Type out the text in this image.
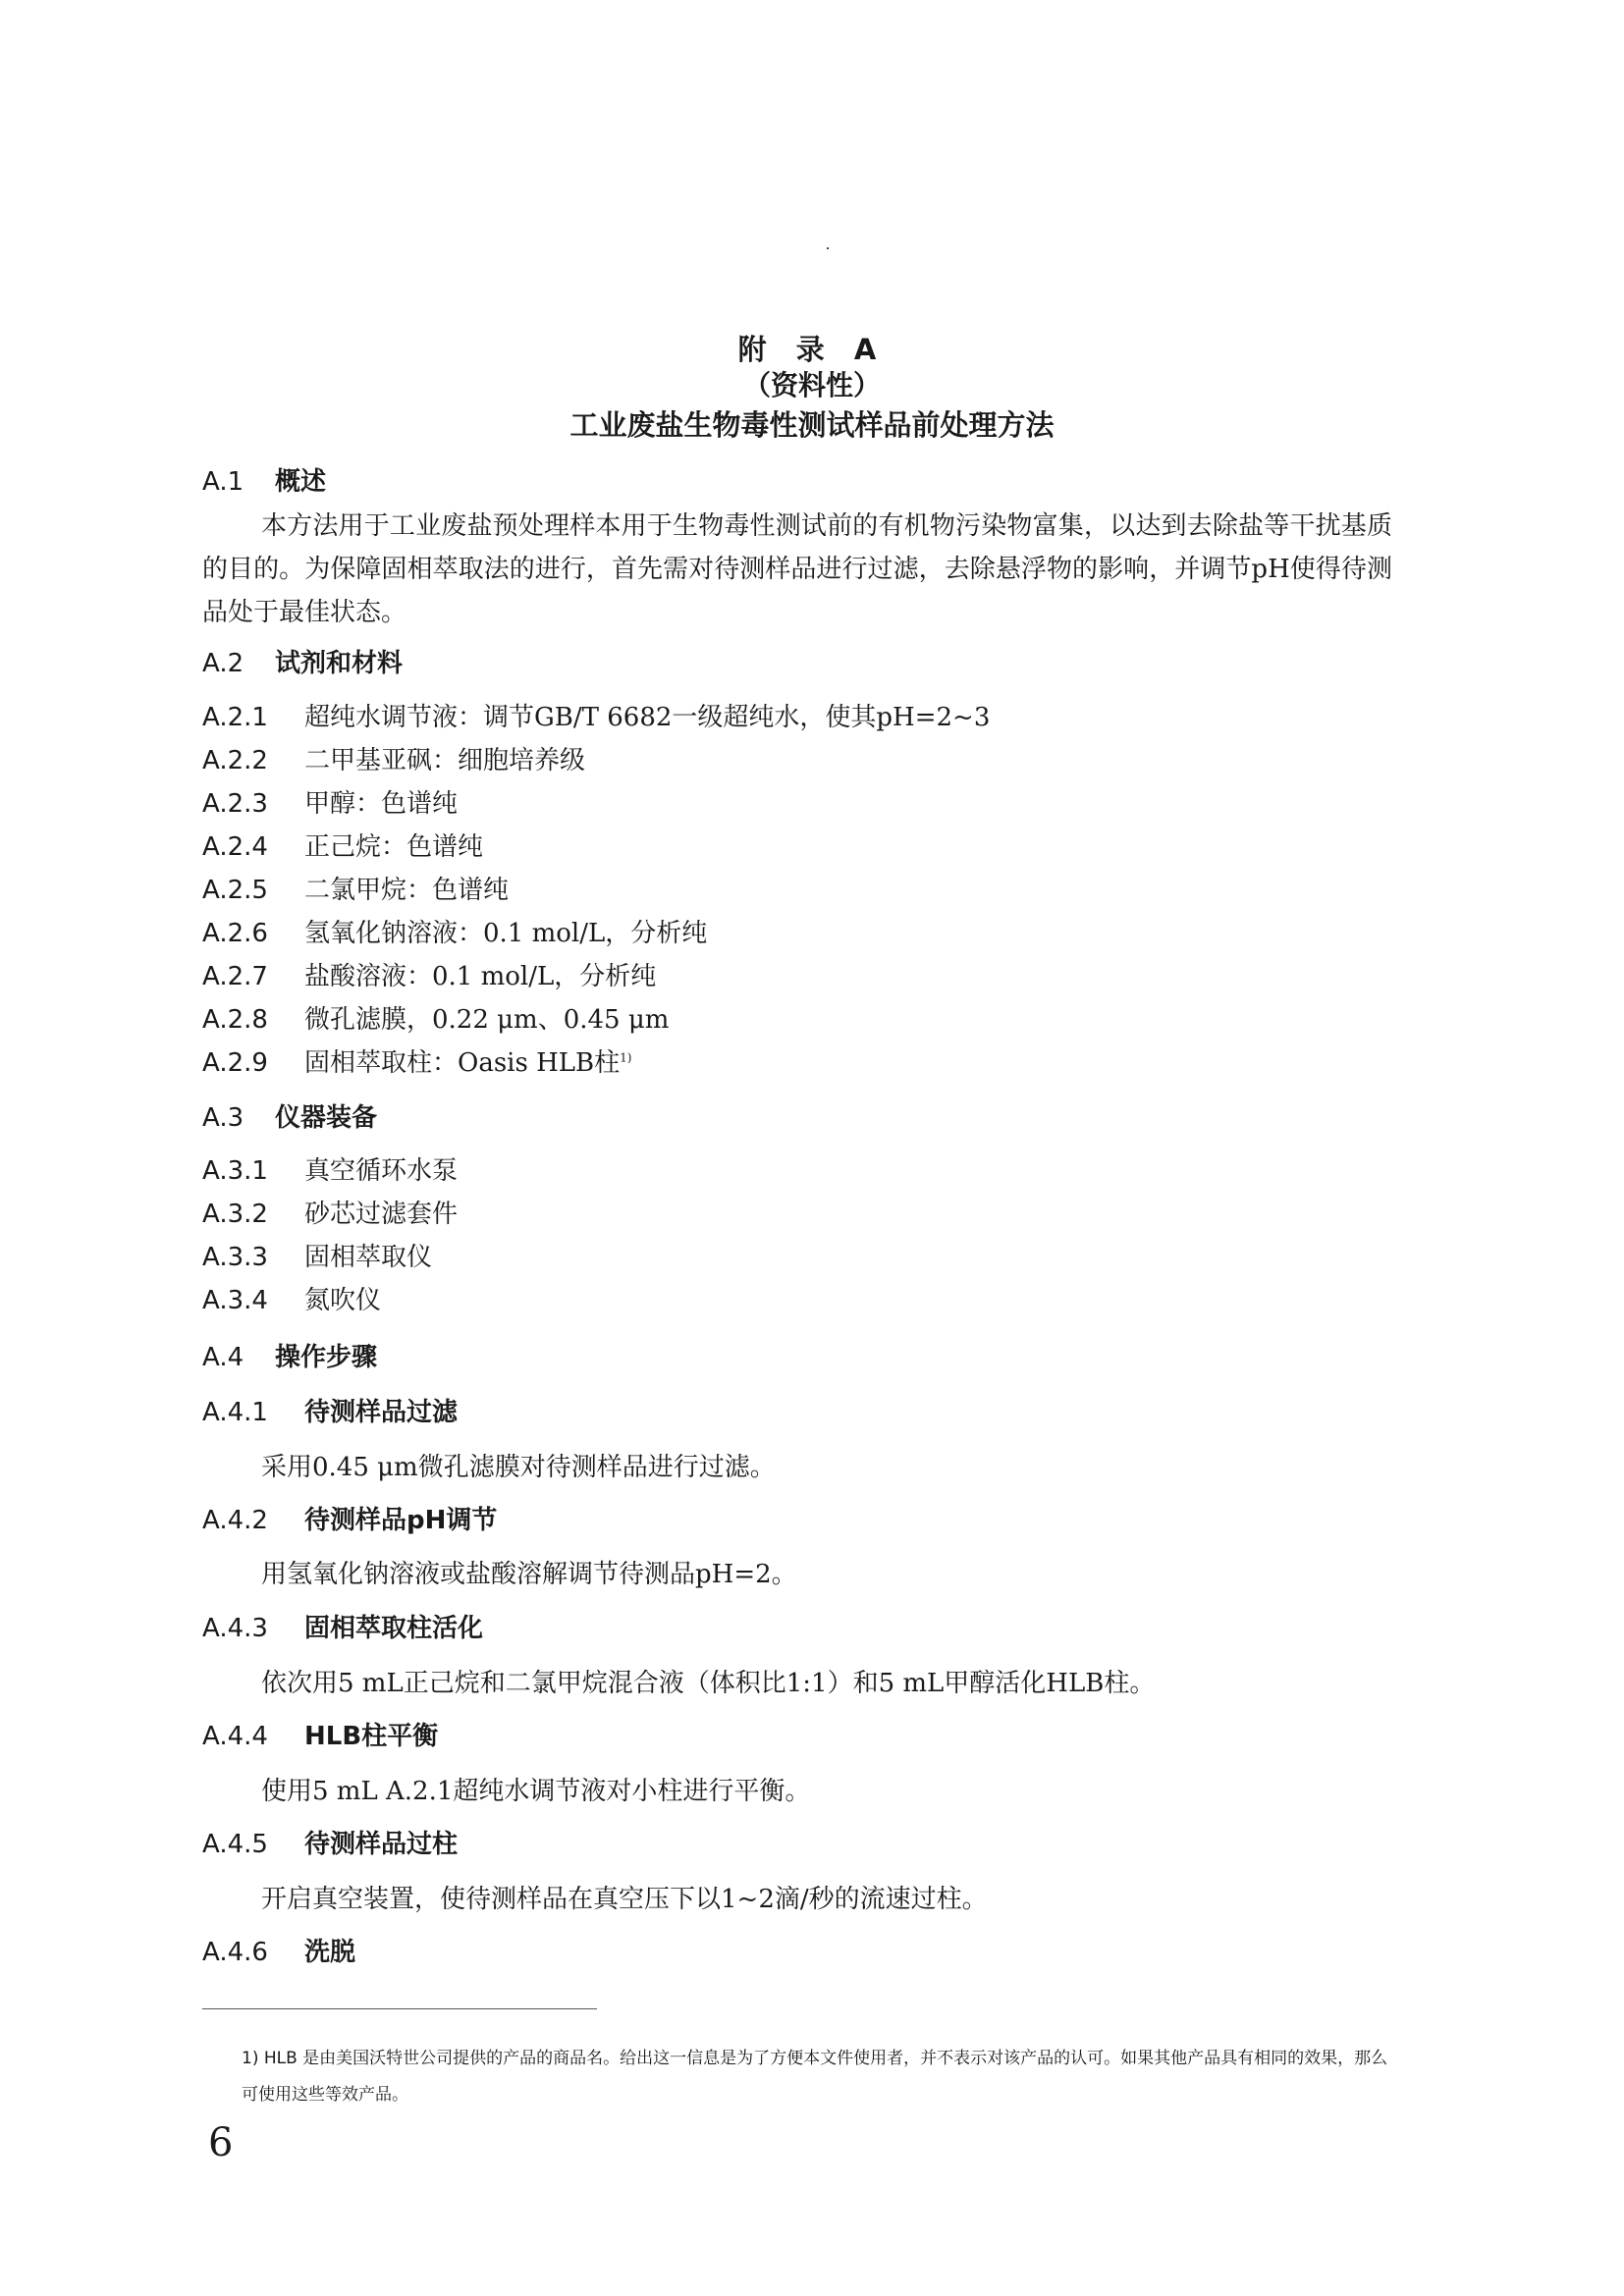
附 录 A
（资料性）
工业废盐生物毒性测试样品前处理方法
A.1 概述
本方法用于工业废盐预处理样本用于生物毒性测试前的有机物污染物富集，以达到去除盐等干扰基质的目的。为保障固相萃取法的进行，首先需对待测样品进行过滤，去除悬浮物的影响，并调节pH使得待测品处于最佳状态。
A.2 试剂和材料
A.2.1 超纯水调节液：调节GB/T 6682一级超纯水，使其pH=2~3
A.2.2 二甲基亚砜：细胞培养级
A.2.3 甲醇：色谱纯
A.2.4 正己烷：色谱纯
A.2.5 二氯甲烷：色谱纯
A.2.6 氢氧化钠溶液：0.1 mol/L，分析纯
A.2.7 盐酸溶液：0.1 mol/L，分析纯
A.2.8 微孔滤膜，0.22 μm、0.45 μm
A.2.9 固相萃取柱：Oasis HLB柱$^{1)}$
A.3 仪器装备
A.3.1 真空循环水泵
A.3.2 砂芯过滤套件
A.3.3 固相萃取仪
A.3.4 氮吹仪
A.4 操作步骤
A.4.1 待测样品过滤
采用0.45 μm微孔滤膜对待测样品进行过滤。
A.4.2 待测样品pH调节
用氢氧化钠溶液或盐酸溶解调节待测品pH=2。
A.4.3 固相萃取柱活化
依次用5 mL正己烷和二氯甲烷混合液（体积比1:1）和5 mL甲醇活化HLB柱。
A.4.4 HLB柱平衡
使用5 mL A.2.1超纯水调节液对小柱进行平衡。
A.4.5 待测样品过柱
开启真空装置，使待测样品在真空压下以1~2滴/秒的流速过柱。
A.4.6 洗脱
1) HLB 是由美国沃特世公司提供的产品的商品名。给出这一信息是为了方便本文件使用者，并不表示对该产品的认可。如果其他产品具有相同的效果，那么可使用这些等效产品。
6
